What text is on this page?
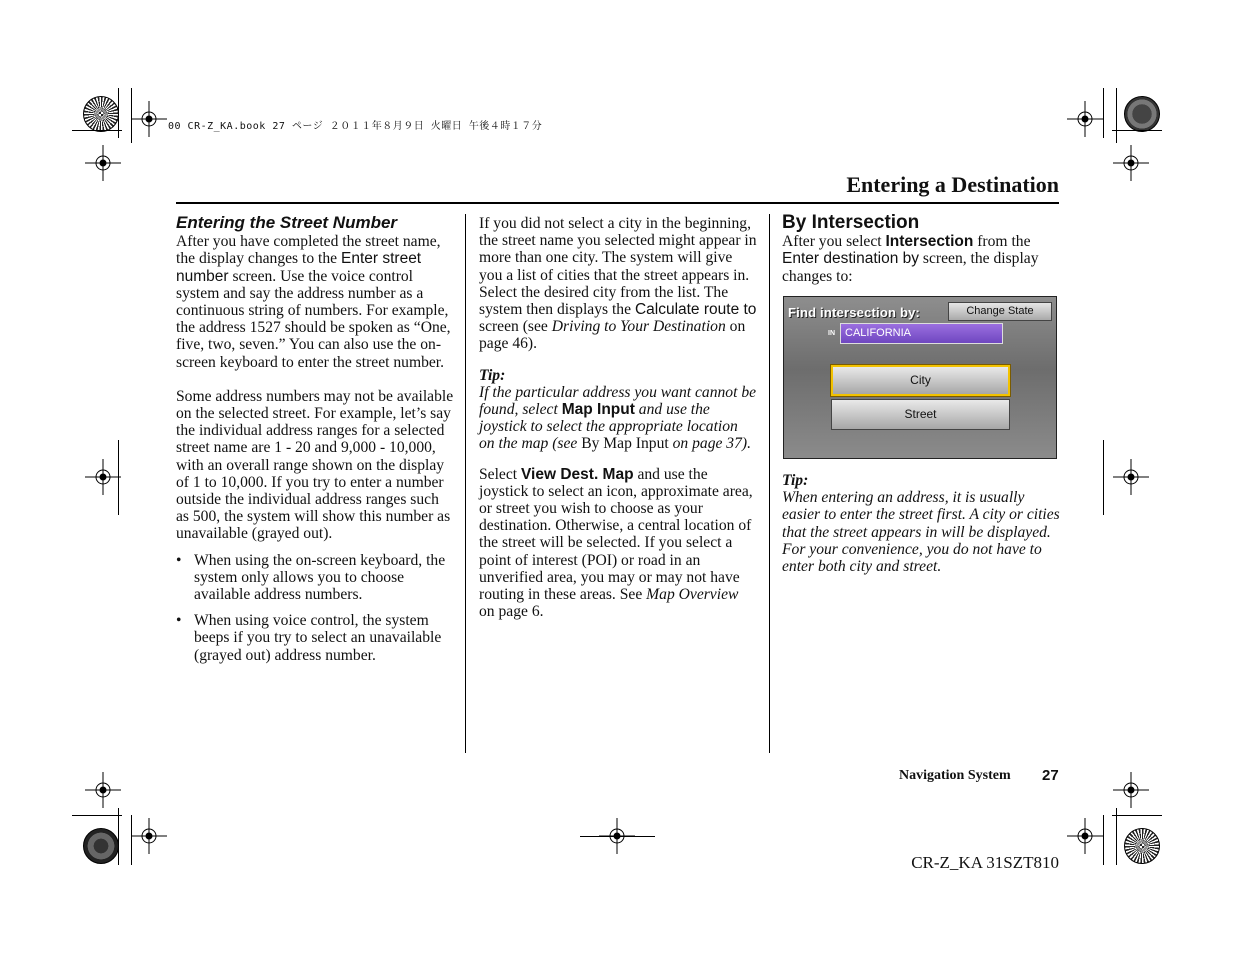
00 CR-Z_KA.book 27 ページ ２０１１年８月９日 火曜日 午後４時１７分
Entering a Destination
Entering the Street Number

After you have completed the street name, the display changes to the Enter street number screen. Use the voice control system and say the address number as a continuous string of numbers. For example, the address 1527 should be spoken as “One, five, two, seven.” You can also use the on-screen keyboard to enter the street number.

Some address numbers may not be available on the selected street. For example, let’s say the individual address ranges for a selected street name are 1 - 20 and 9,000 - 10,000, with an overall range shown on the display of 1 to 10,000. If you try to enter a number outside the individual address ranges such as 500, the system will show this number as unavailable (grayed out).

• When using the on-screen keyboard, the system only allows you to choose available address numbers.
• When using voice control, the system beeps if you try to select an unavailable (grayed out) address number.

If you did not select a city in the beginning, the street name you selected might appear in more than one city. The system will give you a list of cities that the street appears in. Select the desired city from the list. The system then displays the Calculate route to screen (see Driving to Your Destination on page 46).

Tip:

If the particular address you want cannot be found, select Map Input and use the joystick to select the appropriate location on the map (see By Map Input on page 37).

Select View Dest. Map and use the joystick to select an icon, approximate area, or street you wish to choose as your destination. Otherwise, a central location of the street will be selected. If you select a point of interest (POI) or road in an unverified area, you may or may not have routing in these areas. See Map Overview on page 6.

By Intersection

After you select Intersection from the Enter destination by screen, the display changes to:

Find intersection by:	Change State
IN CALIFORNIA
City
Street

Tip:

When entering an address, it is usually easier to enter the street first. A city or cities that the street appears in will be displayed. For your convenience, you do not have to enter both city and street.

Navigation System 27
CR-Z_KA 31SZT810
